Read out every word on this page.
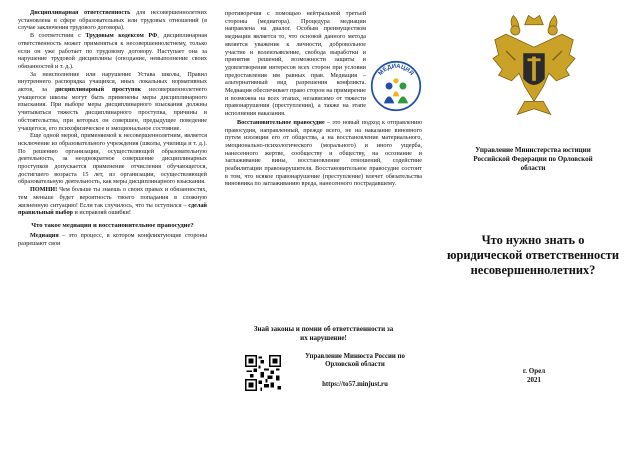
Дисциплинарная ответственность для несовершеннолетних установлена в сфере образовательных или трудовых отношений (в случае заключения трудового договора).

В соответствии с Трудовым кодексом РФ, дисциплинарная ответственность может применяться к несовершеннолетнему, только если он уже работает по трудовому договору. Наступает она за нарушение трудовой дисциплины (опоздание, невыполнение своих обязанностей и т. д.).

За неисполнение или нарушение Устава школы, Правил внутреннего распорядка учащихся, иных локальных нормативных актов, за дисциплинарный проступок несовершеннолетнего учащегося школы могут быть применены меры дисциплинарного взыскания. При выборе меры дисциплинарного взыскания должны учитываться тяжесть дисциплинарного проступка, причины и обстоятельства, при которых он совершен, предыдущее поведение учащегося, его психофизическое и эмоциональное состояние.

Еще одной мерой, применяемой к несовершеннолетним, является исключение из образовательного учреждения (школы, училища и т. д.). По решению организации, осуществляющей образовательную деятельность, за неоднократное совершение дисциплинарных проступков допускается применение отчисления обучающегося, достигшего возраста 15 лет, из организации, осуществляющей образовательную деятельность, как меры дисциплинарного взыскания.

ПОМНИ! Чем больше ты знаешь о своих правах и обязанностях, тем меньше будет вероятность твоего попадания в сложную жизненную ситуацию! Если так случилось, что ты оступился – сделай правильный выбор и исправляй ошибки!

Что такое медиация и восстановительное правосудие?

Медиация – это процесс, в котором конфликтующие стороны разрешают свои

МЕДИАЦИЯ

противоречия с помощью нейтральной третьей стороны (медиатора). Процедура медиации направлена на диалог. Особым преимуществом медиации является то, что основой данного метода является уважение к личности, добровольное участие и волеизъявление, свобода выработки и принятия решений, возможности защиты и удовлетворения интересов всех сторон при условии предоставления им равных прав. Медиация – альтернативный вид разрешения конфликта. Медиация обеспечивает право сторон на примирение и возможна на всех этапах, независимо от тяжести правонарушения (преступления), а также на этапе исполнения наказания.

Восстановительное правосудие – это новый подход к отправлению правосудия, направленный, прежде всего, не на наказание виновного путем изоляции его от общества, а на восстановление материального, эмоционально-психологического (морального) и иного ущерба, нанесенного жертве, сообществу и обществу, на осознание и заглаживание вины, восстановление отношений, содействие реабилитации правонарушителя. Восстановительное правосудие состоит в том, что всякое правонарушение (преступление) влечет обязательства виновника по заглаживанию вреда, нанесенного пострадавшему.

Знай законы и помни об ответственности за

их нарушение!

Управление Минюста России по
Орловской области
https://to57.minjust.ru
Управление Министерства юстиции
Российской Федерации по Орловской
области
Что нужно знать о
юридической ответственности
несовершеннолетних?
г. Орел
2021
